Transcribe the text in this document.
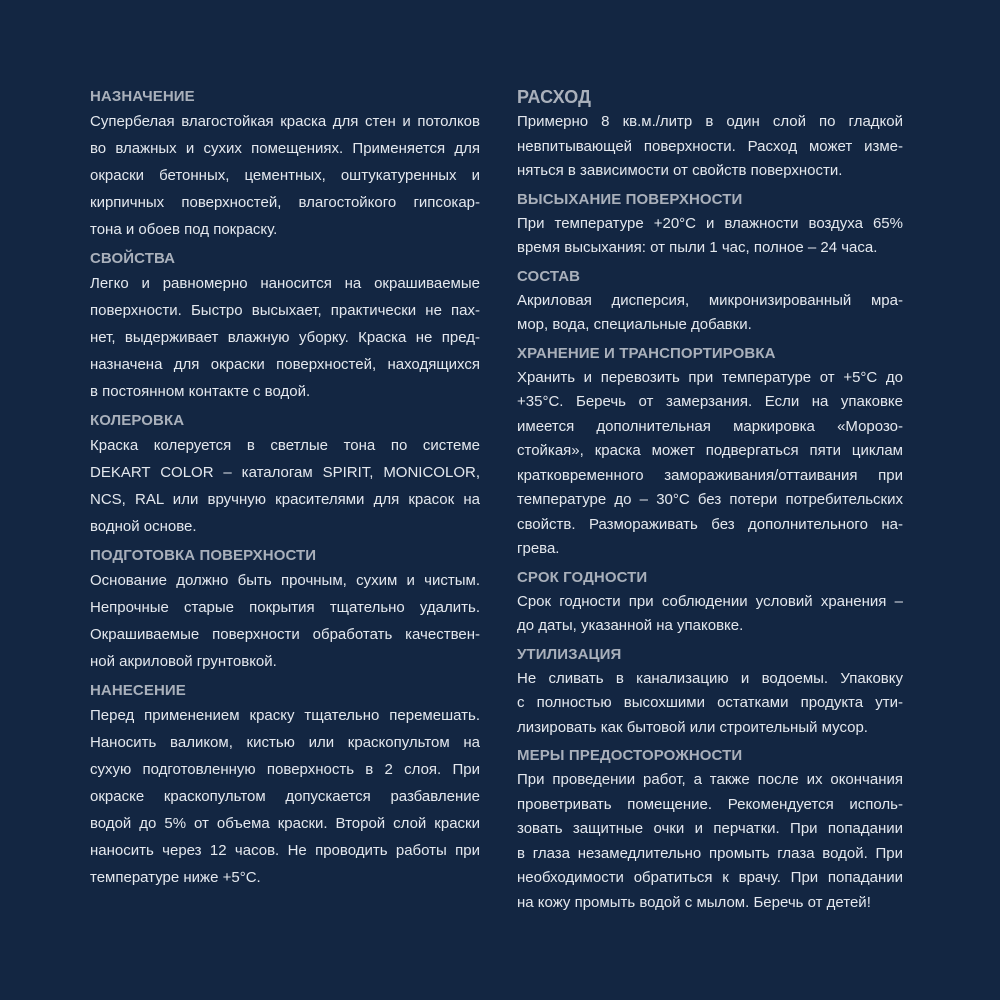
НАЗНАЧЕНИЕ

Супербелая влагостойкая краска для стен и потолков
во влажных и сухих помещениях. Применяется для
окраски бетонных, цементных, оштукатуренных и
кирпичных поверхностей, влагостойкого гипсокар-
тона и обоев под покраску.

СВОЙСТВА

Легко и равномерно наносится на окрашиваемые
поверхности. Быстро высыхает, практически не пах-
нет, выдерживает влажную уборку. Краска не пред-
назначена для окраски поверхностей, находящихся
в постоянном контакте с водой.

КОЛЕРОВКА

Краска колеруется в светлые тона по системе
DEKART COLOR – каталогам SPIRIT, MONICOLOR,
NCS, RAL или вручную красителями для красок на
водной основе.

ПОДГОТОВКА ПОВЕРХНОСТИ

Основание должно быть прочным, сухим и чистым.
Непрочные старые покрытия тщательно удалить.
Окрашиваемые поверхности обработать качествен-
ной акриловой грунтовкой.

НАНЕСЕНИЕ

Перед применением краску тщательно перемешать.
Наносить валиком, кистью или краскопультом на
сухую подготовленную поверхность в 2 слоя. При
окраске краскопультом допускается разбавление
водой до 5% от объема краски. Второй слой краски
наносить через 12 часов. Не проводить работы при
температуре ниже +5°С.

РАСХОД

Примерно 8 кв.м./литр в один слой по гладкой
невпитывающей поверхности. Расход может изме-
няться в зависимости от свойств поверхности.

ВЫСЫХАНИЕ ПОВЕРХНОСТИ

При температуре +20°С и влажности воздуха 65%
время высыхания: от пыли 1 час, полное – 24 часа.

СОСТАВ

Акриловая дисперсия, микронизированный мра-
мор, вода, специальные добавки.

ХРАНЕНИЕ И ТРАНСПОРТИРОВКА

Хранить и перевозить при температуре от +5°С до
+35°С. Беречь от замерзания. Если на упаковке
имеется дополнительная маркировка «Морозо-
стойкая», краска может подвергаться пяти циклам
кратковременного замораживания/оттаивания при
температуре до – 30°С без потери потребительских
свойств. Размораживать без дополнительного на-
грева.

СРОК ГОДНОСТИ

Срок годности при соблюдении условий хранения –
до даты, указанной на упаковке.

УТИЛИЗАЦИЯ

Не сливать в канализацию и водоемы. Упаковку
с полностью высохшими остатками продукта ути-
лизировать как бытовой или строительный мусор.

МЕРЫ ПРЕДОСТОРОЖНОСТИ

При проведении работ, а также после их окончания
проветривать помещение. Рекомендуется исполь-
зовать защитные очки и перчатки. При попадании
в глаза незамедлительно промыть глаза водой. При
необходимости обратиться к врачу. При попадании
на кожу промыть водой с мылом. Беречь от детей!
